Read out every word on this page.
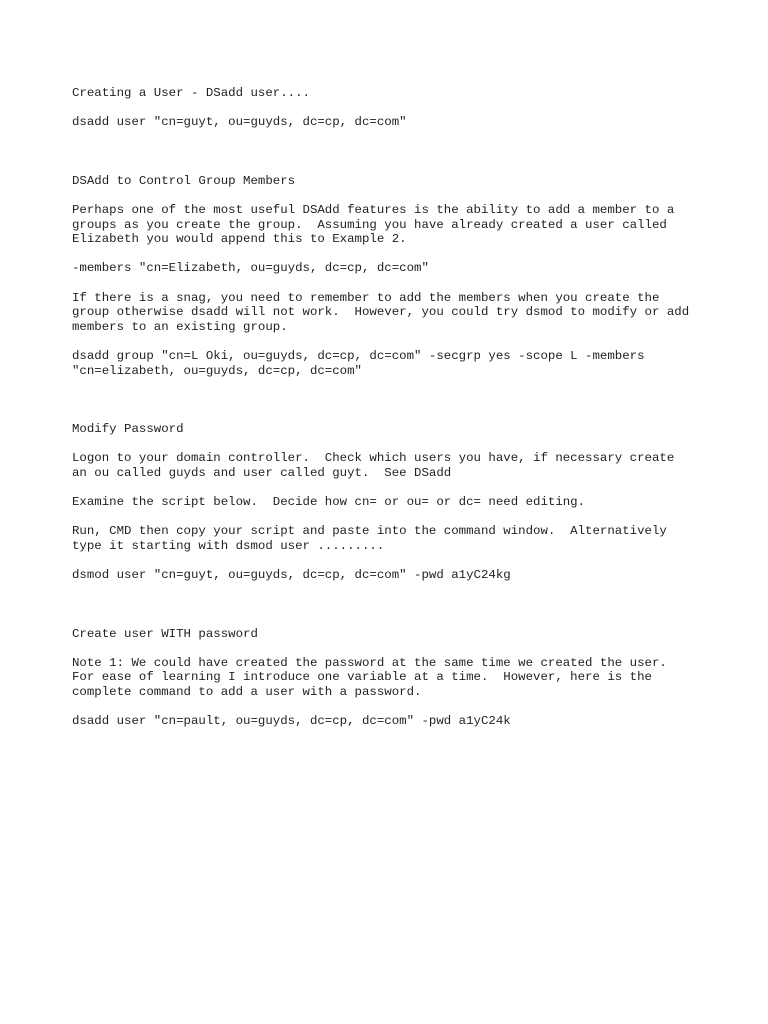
Creating a User - DSadd user....
dsadd user "cn=guyt, ou=guyds, dc=cp, dc=com"
DSAdd to Control Group Members
Perhaps one of the most useful DSAdd features is the ability to add a member to a
groups as you create the group.  Assuming you have already created a user called
Elizabeth you would append this to Example 2.
-members "cn=Elizabeth, ou=guyds, dc=cp, dc=com"
If there is a snag, you need to remember to add the members when you create the
group otherwise dsadd will not work.  However, you could try dsmod to modify or add
members to an existing group.
dsadd group "cn=L Oki, ou=guyds, dc=cp, dc=com" -secgrp yes -scope L -members
"cn=elizabeth, ou=guyds, dc=cp, dc=com"
Modify Password
Logon to your domain controller.  Check which users you have, if necessary create
an ou called guyds and user called guyt.  See DSadd
Examine the script below.  Decide how cn= or ou= or dc= need editing.
Run, CMD then copy your script and paste into the command window.  Alternatively
type it starting with dsmod user .........
dsmod user "cn=guyt, ou=guyds, dc=cp, dc=com" -pwd a1yC24kg
Create user WITH password
Note 1: We could have created the password at the same time we created the user.
For ease of learning I introduce one variable at a time.  However, here is the
complete command to add a user with a password.
dsadd user "cn=pault, ou=guyds, dc=cp, dc=com" -pwd a1yC24k
